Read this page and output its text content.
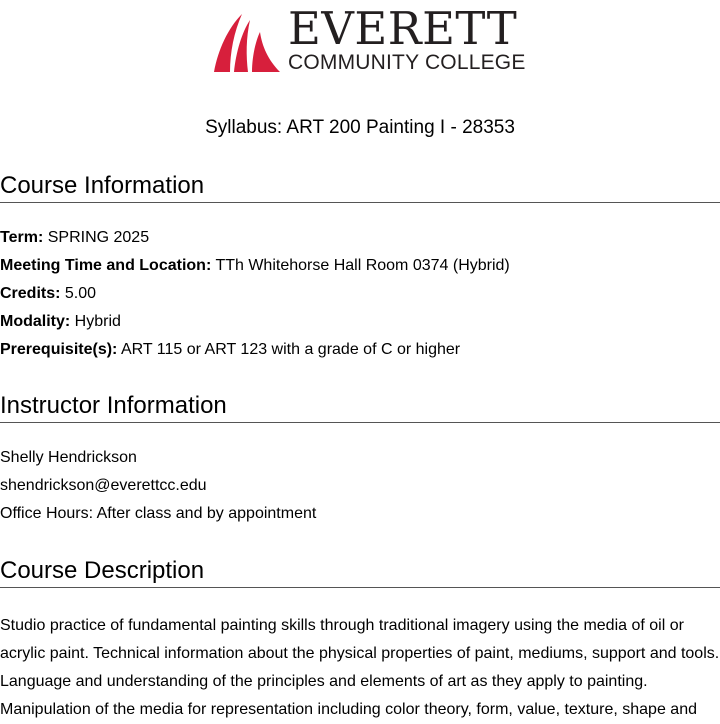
EVERETT
COMMUNITY COLLEGE
Syllabus: ART 200 Painting I - 28353
Course Information

Term: SPRING 2025

Meeting Time and Location: TTh Whitehorse Hall Room 0374 (Hybrid)

Credits: 5.00

Modality: Hybrid

Prerequisite(s): ART 115 or ART 123 with a grade of C or higher

Instructor Information

Shelly Hendrickson

shendrickson@everettcc.edu

Office Hours: After class and by appointment

Course Description

Studio practice of fundamental painting skills through traditional imagery using the media of oil or acrylic paint. Technical information about the physical properties of paint, mediums, support and tools. Language and understanding of the principles and elements of art as they apply to painting. Manipulation of the media for representation including color theory, form, value, texture, shape and
